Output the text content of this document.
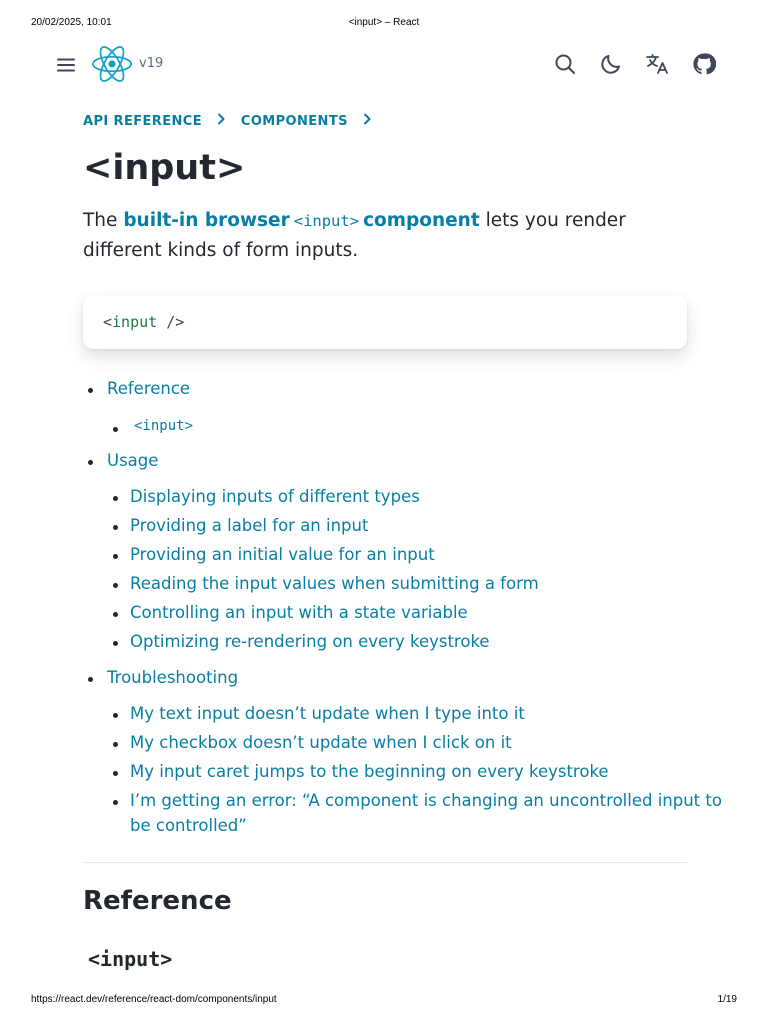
20/02/2025, 10:01	<input> – React
v19
API REFERENCE	COMPONENTS
<input>

The built-in browser <input> component lets you render different kinds of form inputs.

<input />
Reference
<input>
Usage
Displaying inputs of different types
Providing a label for an input
Providing an initial value for an input
Reading the input values when submitting a form
Controlling an input with a state variable
Optimizing re-rendering on every keystroke
Troubleshooting
My text input doesn’t update when I type into it
My checkbox doesn’t update when I click on it
My input caret jumps to the beginning on every keystroke
I’m getting an error: “A component is changing an uncontrolled input to
be controlled”
Reference
<input>
https://react.dev/reference/react-dom/components/input	1/19
